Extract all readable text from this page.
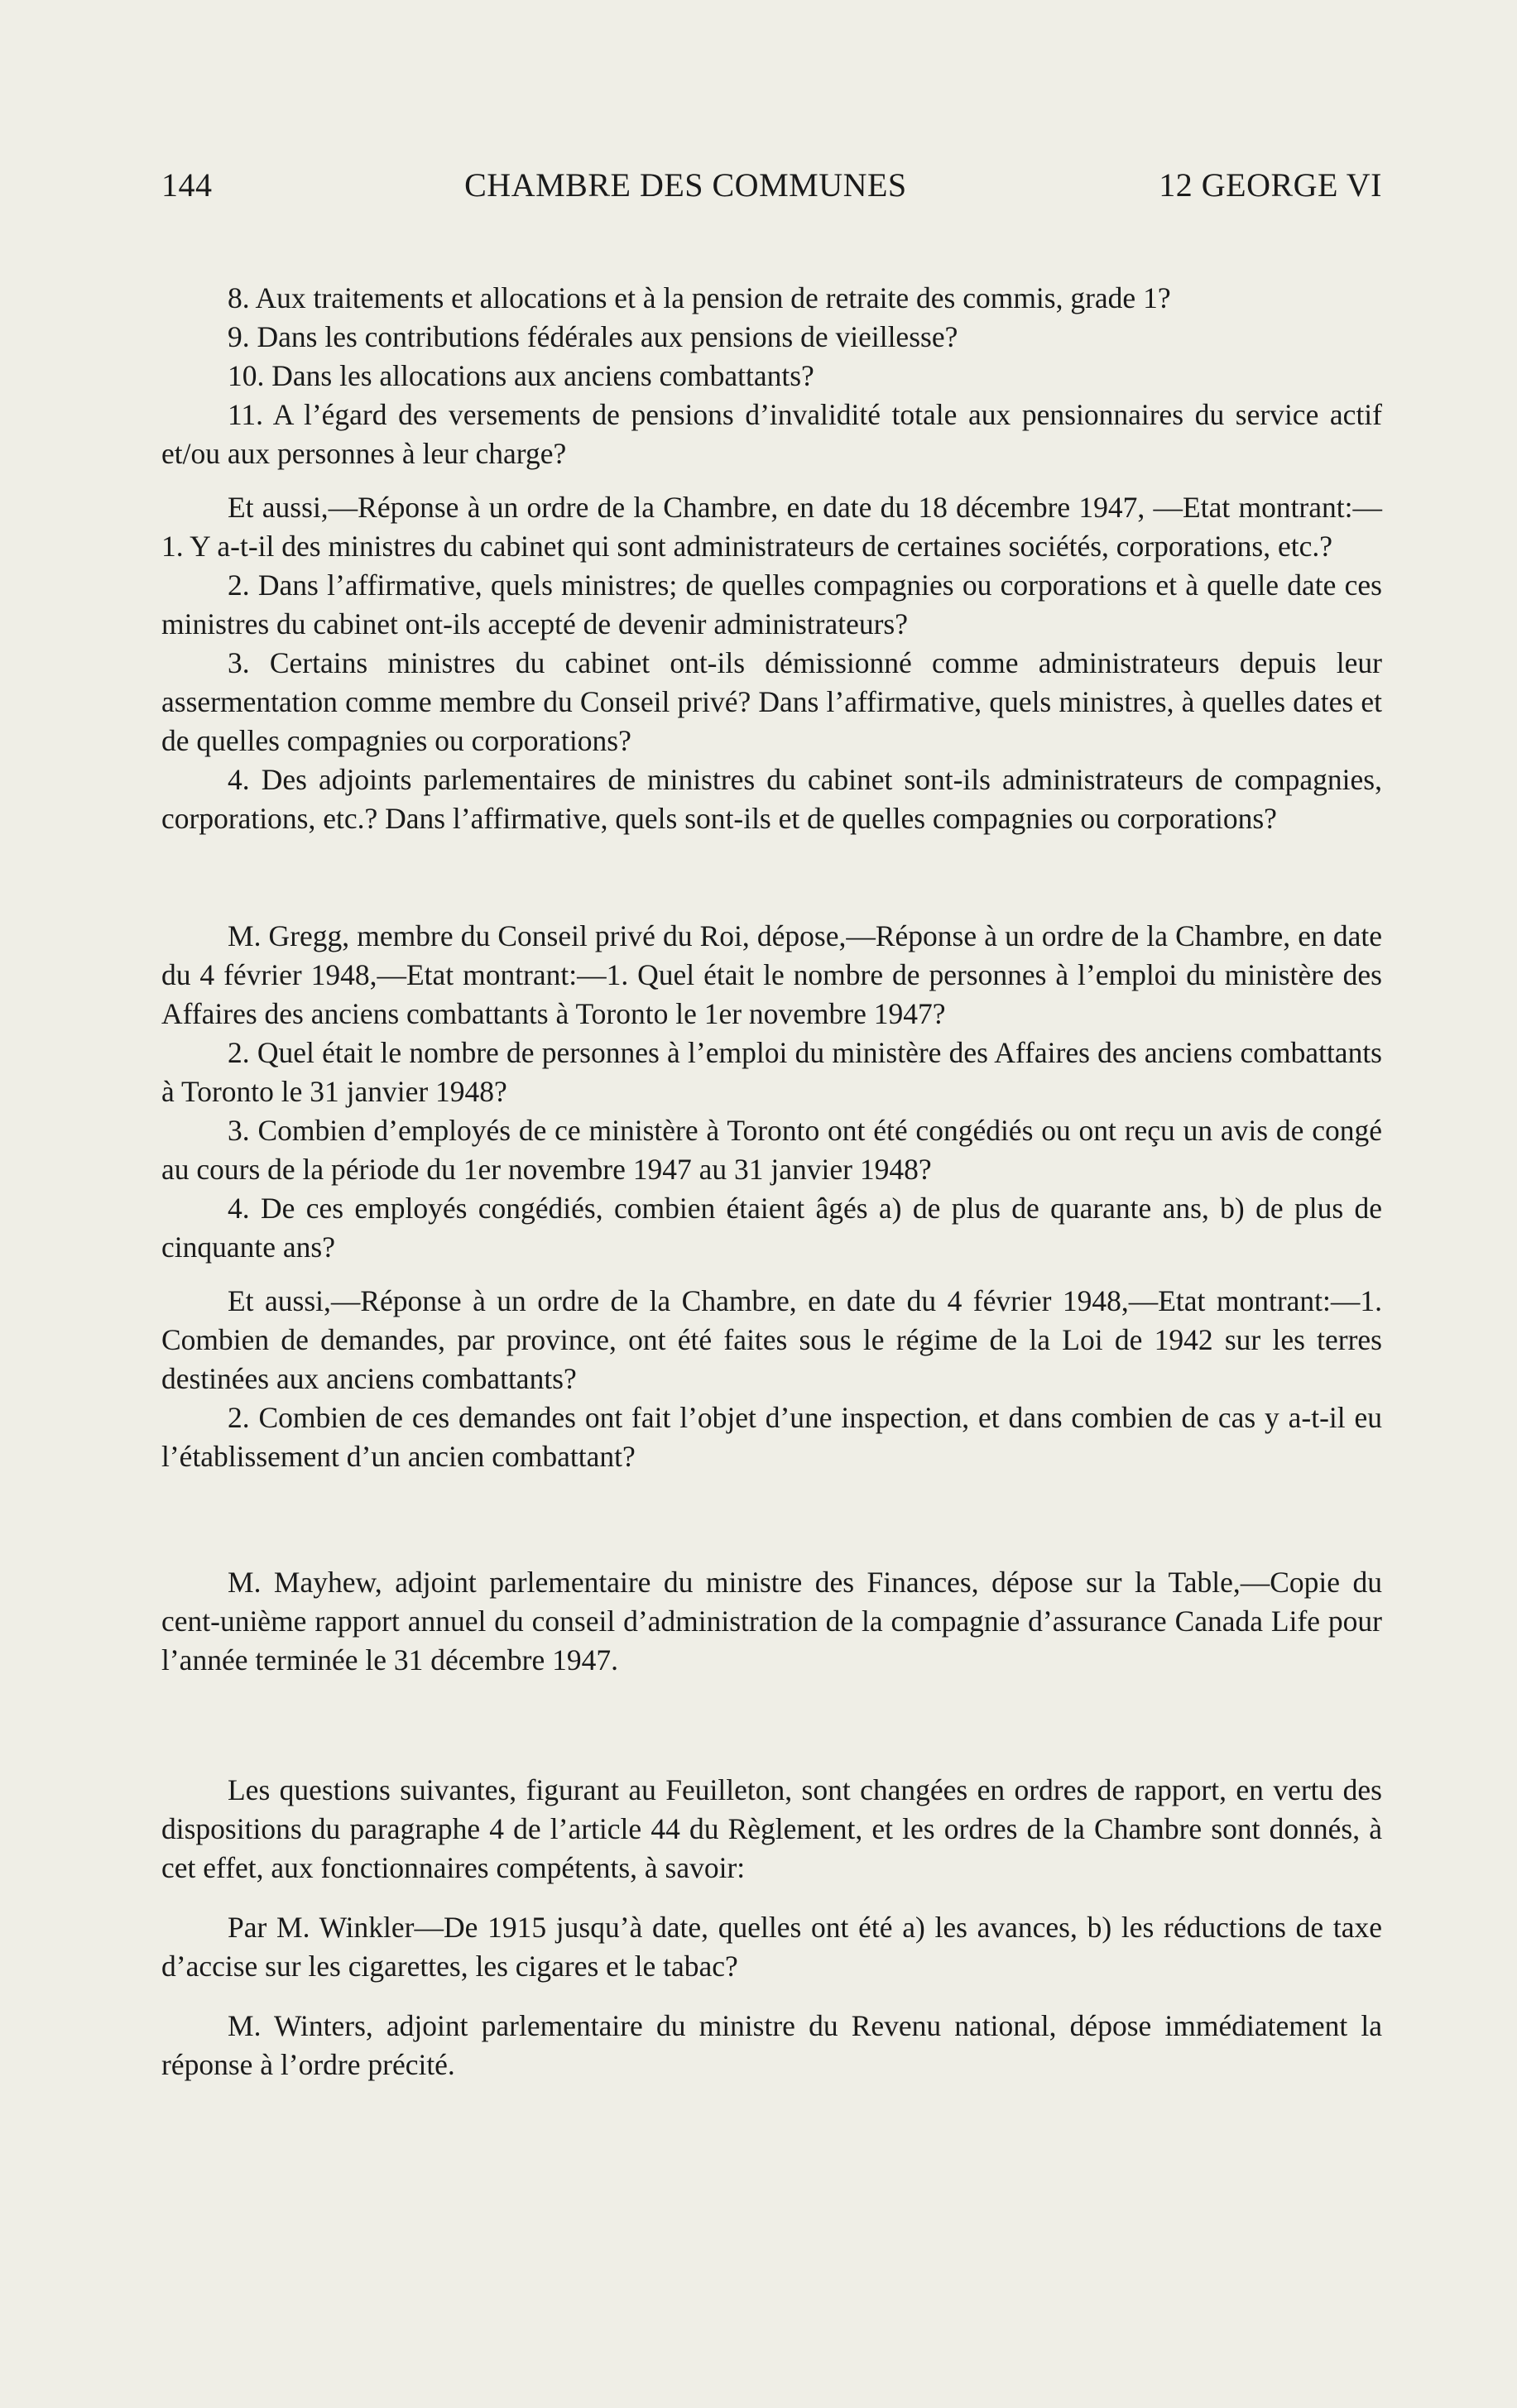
144	CHAMBRE DES COMMUNES	12 GEORGE VI

8. Aux traitements et allocations et à la pension de retraite des commis, grade 1?

9. Dans les contributions fédérales aux pensions de vieillesse?

10. Dans les allocations aux anciens combattants?

11. A l’égard des versements de pensions d’invalidité totale aux pensionnaires du service actif et/ou aux personnes à leur charge?

Et aussi,—Réponse à un ordre de la Chambre, en date du 18 décembre 1947, —Etat montrant:—1. Y a-t-il des ministres du cabinet qui sont administrateurs de certaines sociétés, corporations, etc.?

2. Dans l’affirmative, quels ministres; de quelles compagnies ou corporations et à quelle date ces ministres du cabinet ont-ils accepté de devenir administrateurs?

3. Certains ministres du cabinet ont-ils démissionné comme administrateurs depuis leur assermentation comme membre du Conseil privé? Dans l’affirmative, quels ministres, à quelles dates et de quelles compagnies ou corporations?

4. Des adjoints parlementaires de ministres du cabinet sont-ils administrateurs de compagnies, corporations, etc.? Dans l’affirmative, quels sont-ils et de quelles compagnies ou corporations?

M. Gregg, membre du Conseil privé du Roi, dépose,—Réponse à un ordre de la Chambre, en date du 4 février 1948,—Etat montrant:—1. Quel était le nombre de personnes à l’emploi du ministère des Affaires des anciens combattants à Toronto le 1er novembre 1947?

2. Quel était le nombre de personnes à l’emploi du ministère des Affaires des anciens combattants à Toronto le 31 janvier 1948?

3. Combien d’employés de ce ministère à Toronto ont été congédiés ou ont reçu un avis de congé au cours de la période du 1er novembre 1947 au 31 janvier 1948?

4. De ces employés congédiés, combien étaient âgés a) de plus de quarante ans, b) de plus de cinquante ans?

Et aussi,—Réponse à un ordre de la Chambre, en date du 4 février 1948,—Etat montrant:—1. Combien de demandes, par province, ont été faites sous le régime de la Loi de 1942 sur les terres destinées aux anciens combattants?

2. Combien de ces demandes ont fait l’objet d’une inspection, et dans combien de cas y a-t-il eu l’établissement d’un ancien combattant?

M. Mayhew, adjoint parlementaire du ministre des Finances, dépose sur la Table,—Copie du cent-unième rapport annuel du conseil d’administration de la compagnie d’assurance Canada Life pour l’année terminée le 31 décembre 1947.

Les questions suivantes, figurant au Feuilleton, sont changées en ordres de rapport, en vertu des dispositions du paragraphe 4 de l’article 44 du Règlement, et les ordres de la Chambre sont donnés, à cet effet, aux fonctionnaires compétents, à savoir:

Par M. Winkler—De 1915 jusqu’à date, quelles ont été a) les avances, b) les réductions de taxe d’accise sur les cigarettes, les cigares et le tabac?

M. Winters, adjoint parlementaire du ministre du Revenu national, dépose immédiatement la réponse à l’ordre précité.
